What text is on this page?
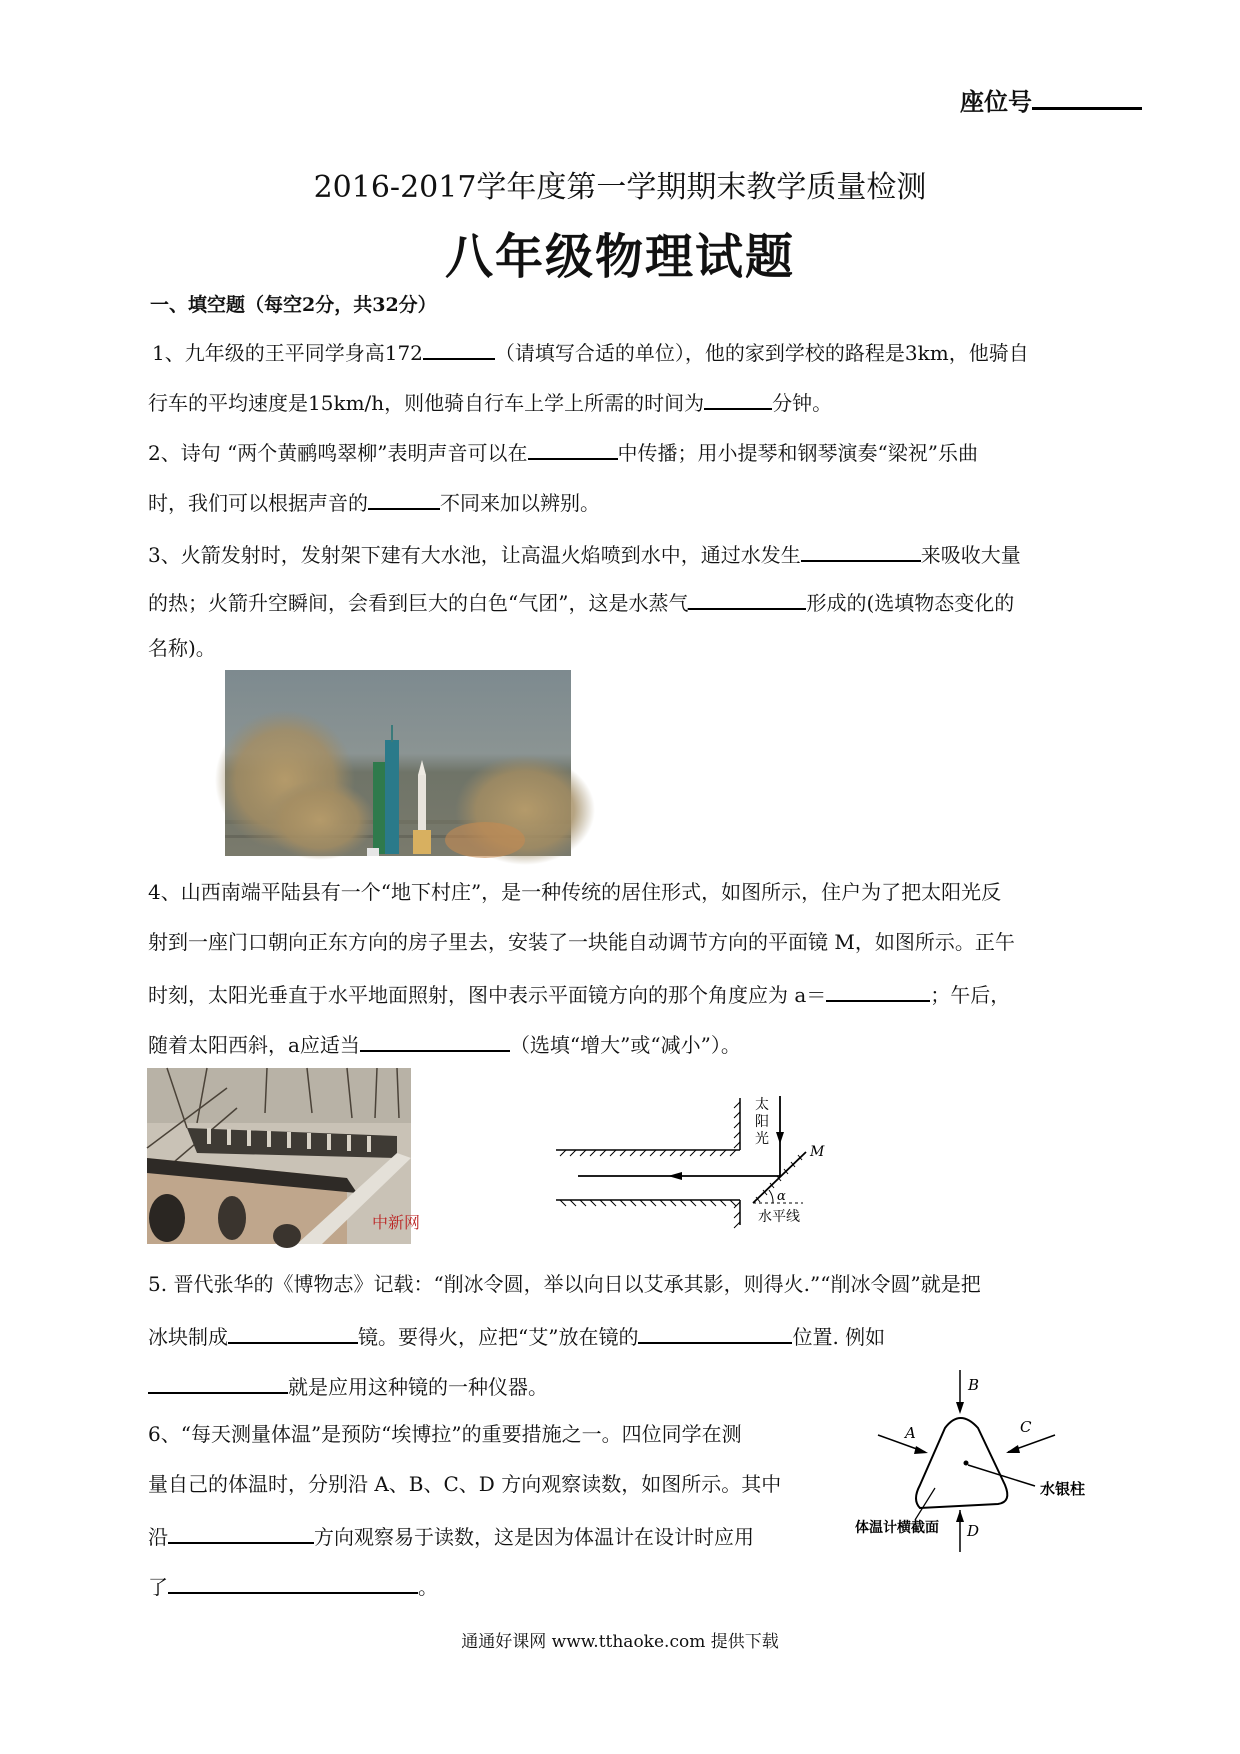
座位号
2016-2017学年度第一学期期末教学质量检测
八年级物理试题
一、填空题（每空2分，共32分）
1、九年级的王平同学身高172	（请填写合适的单位），他的家到学校的路程是3km，他骑自
行车的平均速度是15km/h，则他骑自行车上学上所需的时间为	分钟。
2、诗句 “两个黄鹂鸣翠柳”表明声音可以在	中传播；用小提琴和钢琴演奏“梁祝”乐曲
时，我们可以根据声音的	不同来加以辨别。
3、火箭发射时，发射架下建有大水池，让高温火焰喷到水中，通过水发生	来吸收大量
的热；火箭升空瞬间，会看到巨大的白色“气团”，这是水蒸气	形成的(选填物态变化的
名称)。
4、山西南端平陆县有一个“地下村庄”，是一种传统的居住形式，如图所示，住户为了把太阳光反
射到一座门口朝向正东方向的房子里去，安装了一块能自动调节方向的平面镜 M，如图所示。正午
时刻，太阳光垂直于水平地面照射，图中表示平面镜方向的那个角度应为 a＝	；午后，
随着太阳西斜，a应适当	（选填“增大”或“减小”）。
中新网
M
α
太
阳
光
水平线
5. 晋代张华的《博物志》记载：“削冰令圆，举以向日以艾承其影，则得火.”“削冰令圆”就是把
冰块制成	镜。要得火，应把“艾”放在镜的	位置. 例如
就是应用这种镜的一种仪器。
6、“每天测量体温”是预防“埃博拉”的重要措施之一。四位同学在测
量自己的体温时，分别沿 A、B、C、D 方向观察读数，如图所示。其中
沿	方向观察易于读数，这是因为体温计在设计时应用
了	。
B
A	C
水银柱
D
体温计横截面
通通好课网 www.tthaoke.com 提供下载
